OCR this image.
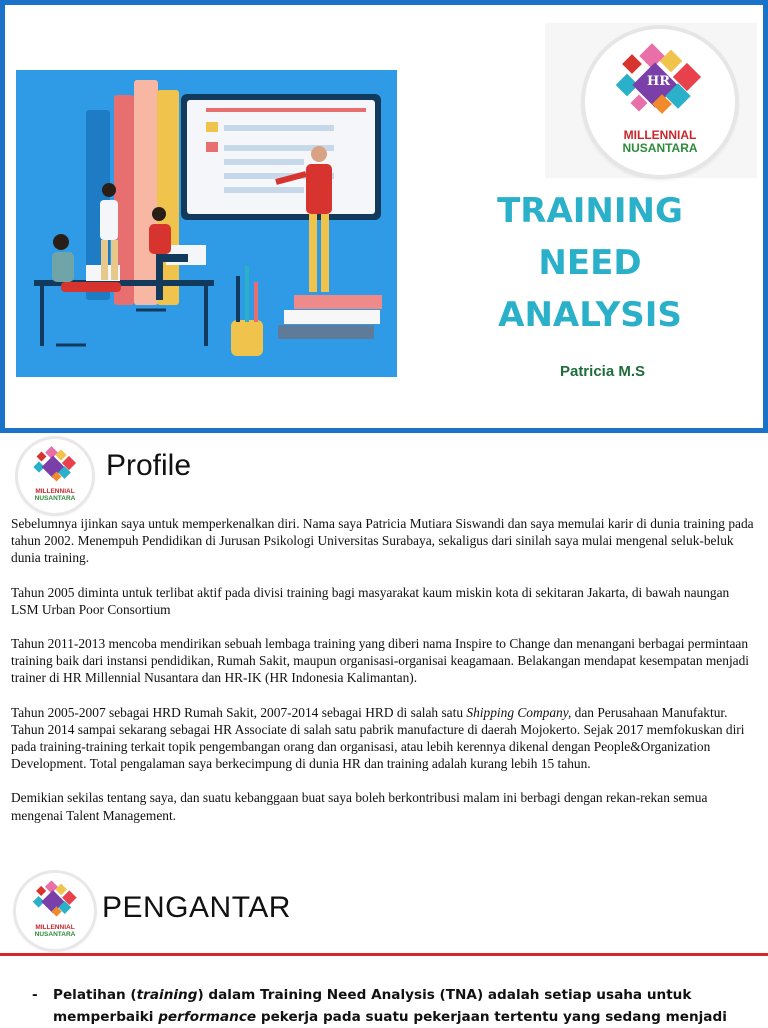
HR
MILLENNIAL
NUSANTARA
TRAINING
NEED
ANALYSIS
Patricia M.S
MILLENNIAL
NUSANTARA
Profile

Sebelumnya ijinkan saya untuk memperkenalkan diri. Nama saya Patricia Mutiara Siswandi dan saya memulai karir di dunia training pada tahun 2002. Menempuh Pendidikan di Jurusan Psikologi Universitas Surabaya, sekaligus dari sinilah saya mulai mengenal seluk-beluk dunia training.

Tahun 2005 diminta untuk terlibat aktif pada divisi training bagi masyarakat kaum miskin kota di sekitaran Jakarta, di bawah naungan LSM Urban Poor Consortium

Tahun 2011-2013 mencoba mendirikan sebuah lembaga training yang diberi nama Inspire to Change dan menangani berbagai permintaan training baik dari instansi pendidikan, Rumah Sakit, maupun organisasi-organisai keagamaan. Belakangan mendapat kesempatan menjadi trainer di HR Millennial Nusantara dan HR-IK (HR Indonesia Kalimantan).

Tahun 2005-2007 sebagai HRD Rumah Sakit, 2007-2014 sebagai HRD di salah satu Shipping Company, dan Perusahaan Manufaktur. Tahun 2014 sampai sekarang sebagai HR Associate di salah satu pabrik manufacture di daerah Mojokerto. Sejak 2017 memfokuskan diri pada training-training terkait topik pengembangan orang dan organisasi, atau lebih kerennya dikenal dengan People&Organization Development. Total pengalaman saya berkecimpung di dunia HR dan training adalah kurang lebih 15 tahun.

Demikian sekilas tentang saya, dan suatu kebanggaan buat saya boleh berkontribusi malam ini berbagi dengan rekan-rekan semua mengenai Talent Management.

MILLENNIAL
NUSANTARA
PENGANTAR
- Pelatihan (training) dalam Training Need Analysis (TNA) adalah setiap usaha untuk memperbaiki performance pekerja pada suatu pekerjaan tertentu yang sedang menjadi
